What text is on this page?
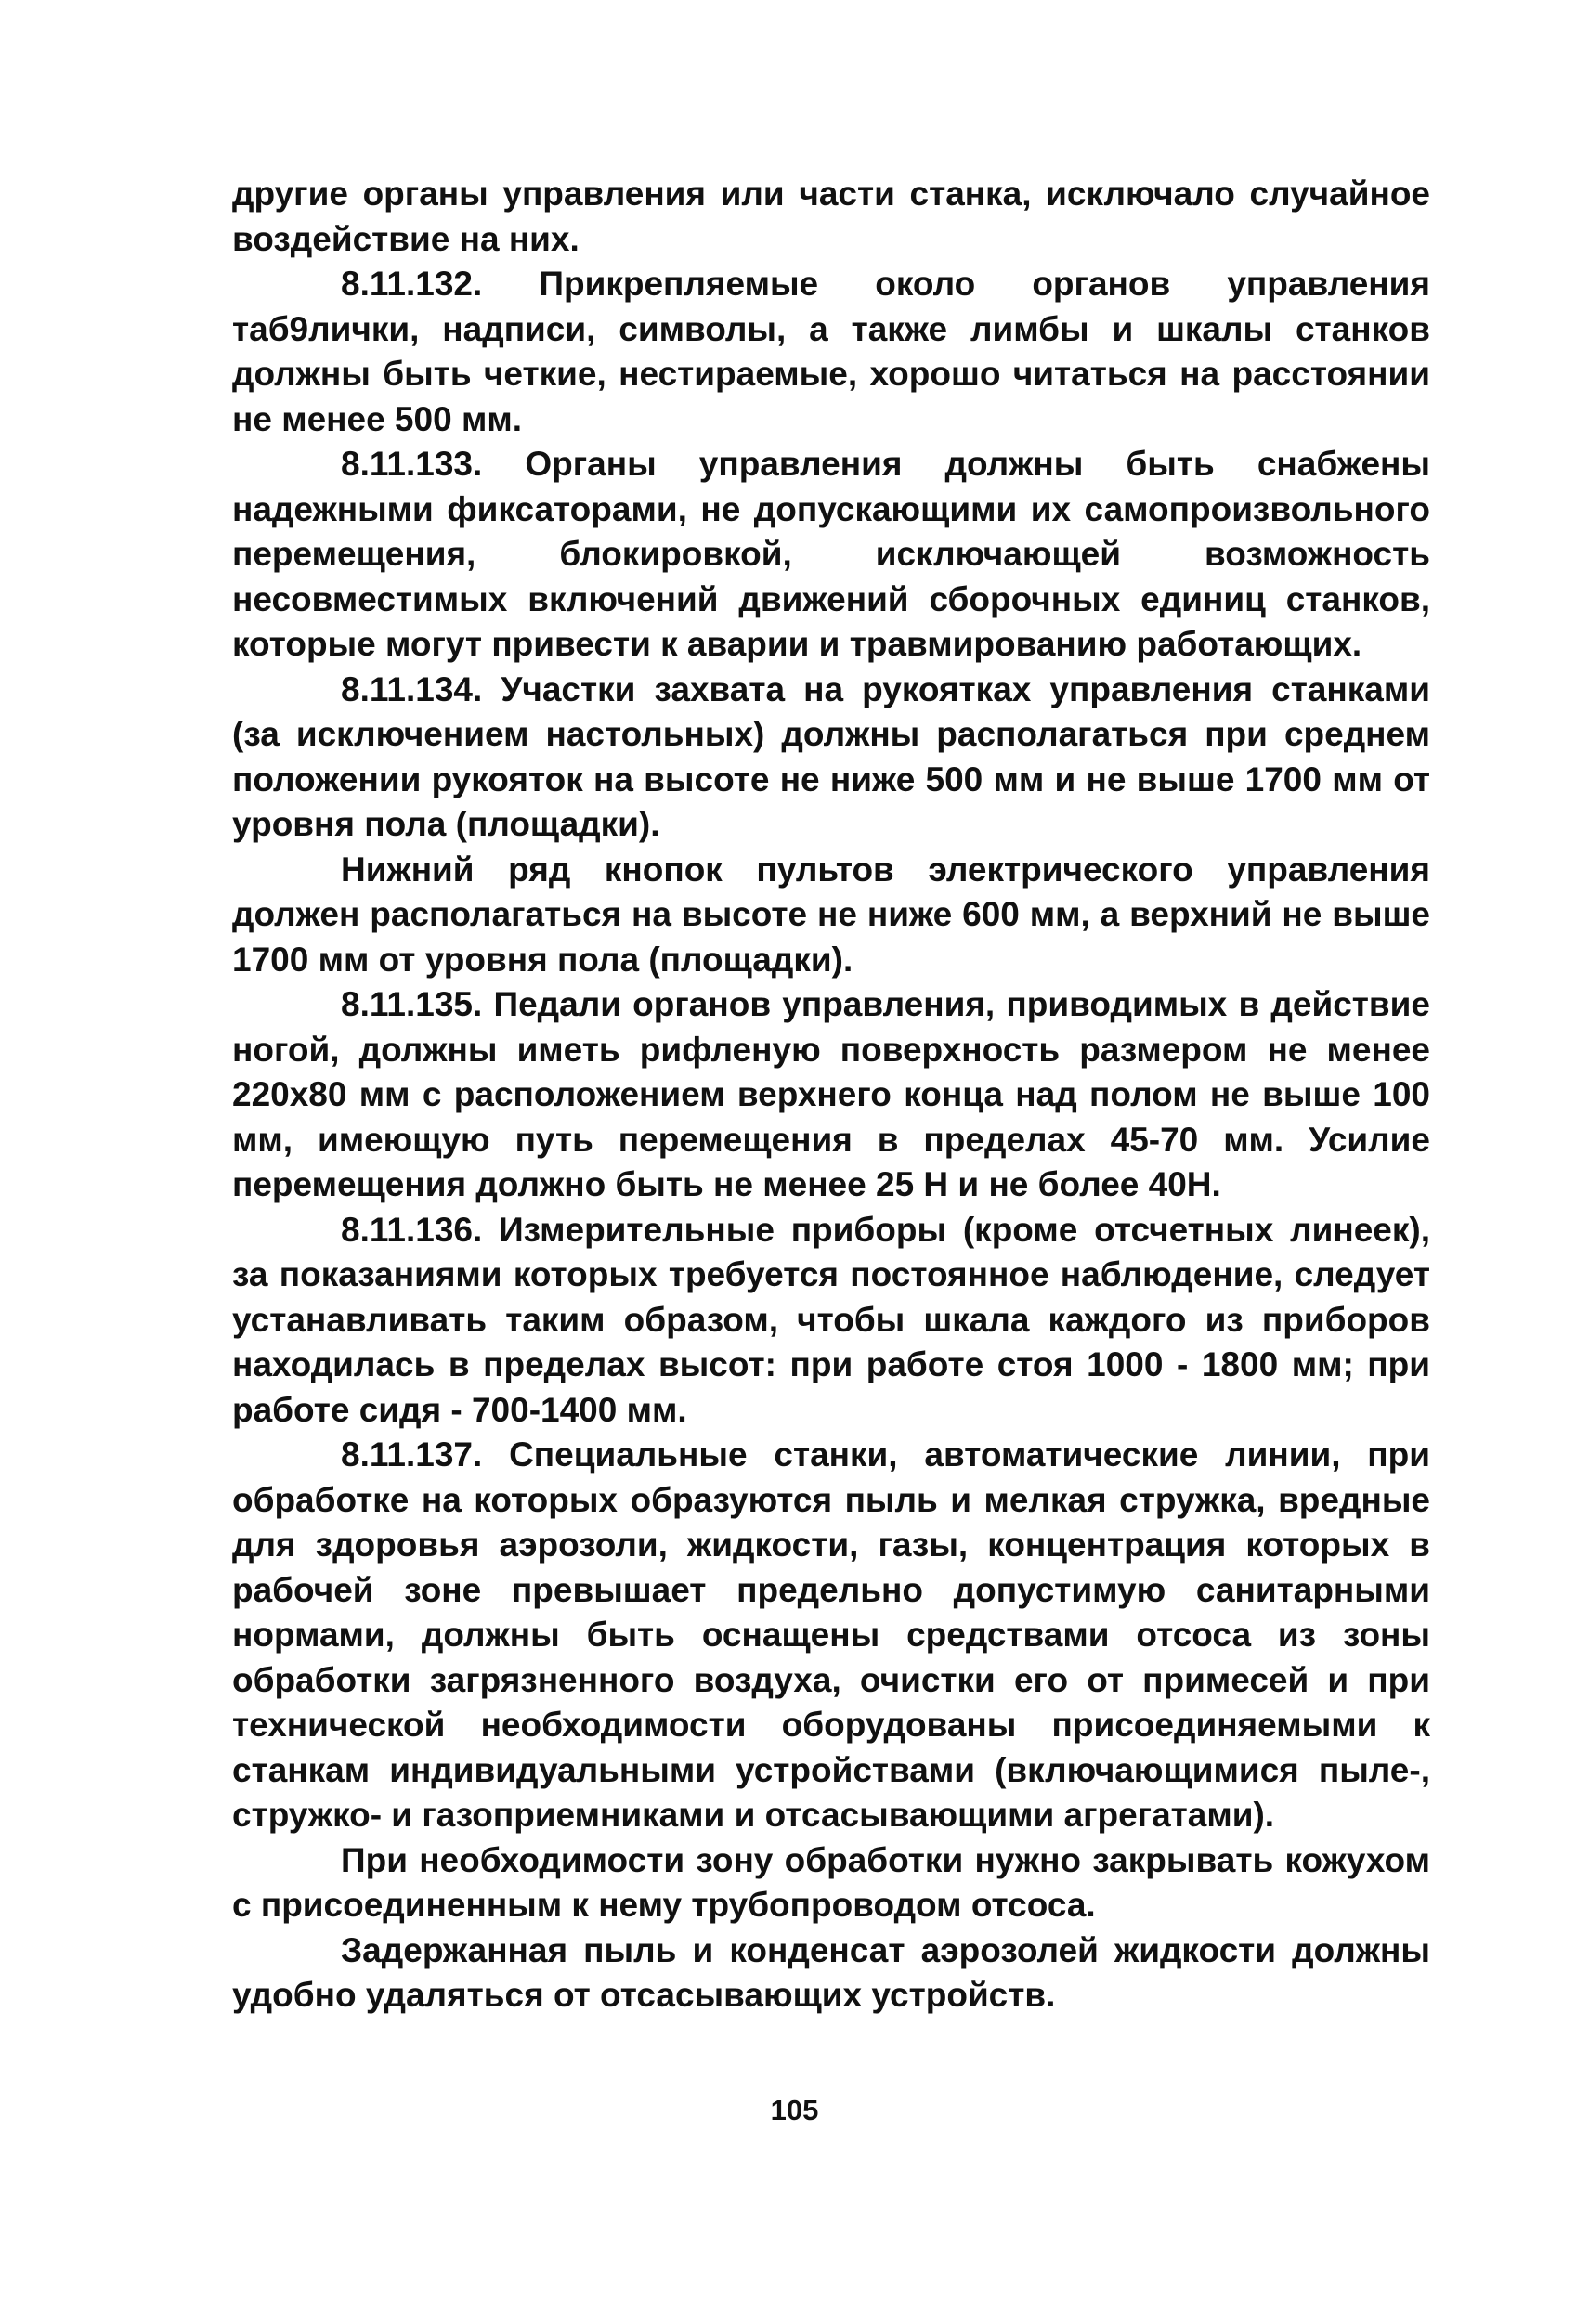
другие органы управления или части станка, исключало случайное воздействие на них.

8.11.132. Прикрепляемые около органов управления таб9лички, надписи, символы, а также лимбы и шкалы станков должны быть четкие, нестираемые, хорошо читаться на расстоянии не менее 500 мм.

8.11.133. Органы управления должны быть снабжены надежными фиксаторами, не допускающими их самопроизвольного перемещения, блокировкой, исключающей возможность несовместимых включений движений сборочных единиц станков, которые могут привести к аварии и травмированию работающих.

8.11.134. Участки захвата на рукоятках управления станками (за исключением настольных) должны располагаться при среднем положении рукояток на высоте не ниже 500 мм и не выше 1700 мм от уровня пола (площадки).

Нижний ряд кнопок пультов электрического управления должен располагаться на высоте не ниже 600 мм, а верхний не выше 1700 мм от уровня пола (площадки).

8.11.135. Педали органов управления, приводимых в действие ногой, должны иметь рифленую поверхность размером не менее 220х80 мм с расположением верхнего конца над полом не выше 100 мм, имеющую путь перемещения в пределах 45-70 мм. Усилие перемещения должно быть не менее 25 Н и не более 40Н.

8.11.136. Измерительные приборы (кроме отсчетных линеек), за показаниями которых требуется постоянное наблюдение, следует устанавливать таким образом, чтобы шкала каждого из приборов находилась в пределах высот: при работе стоя 1000 - 1800 мм; при работе сидя - 700-1400 мм.

8.11.137. Специальные станки, автоматические линии, при обработке на которых образуются пыль и мелкая стружка, вредные для здоровья аэрозоли, жидкости, газы, концентрация которых в рабочей зоне превышает предельно допустимую санитарными нормами, должны быть оснащены средствами отсоса из зоны обработки загрязненного воздуха, очистки его от примесей и при технической необходимости оборудованы присоединяемыми к станкам индивидуальными устройствами (включающимися пыле-, стружко- и газоприемниками и отсасывающими агрегатами).

При необходимости зону обработки нужно закрывать кожухом с присоединенным к нему трубопроводом отсоса.

Задержанная пыль и конденсат аэрозолей жидкости должны удобно удаляться от отсасывающих устройств.

105
